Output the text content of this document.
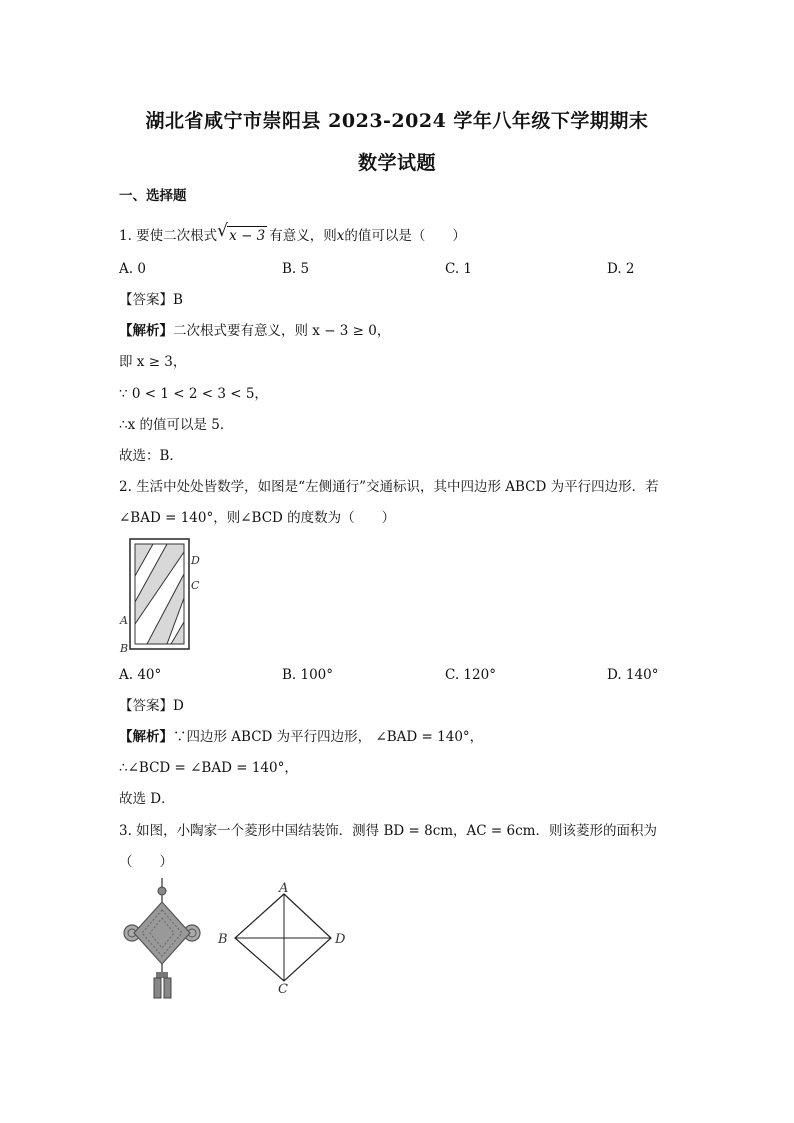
湖北省咸宁市崇阳县 2023-2024 学年八年级下学期期末
数学试题
一、选择题
1. 要使二次根式 √ x − 3 有意义，则x的值可以是（　　）
A. 0	B. 5	C. 1	D. 2
【答案】B
【解析】二次根式要有意义，则 x − 3 ≥ 0，
即 x ≥ 3，
∵ 0 < 1 < 2 < 3 < 5，
∴x 的值可以是 5．
故选：B．
2. 生活中处处皆数学，如图是“左侧通行”交通标识，其中四边形 ABCD 为平行四边形．若
∠BAD = 140°，则∠BCD 的度数为（　　）
D
C
A
B
A. 40°	B. 100°	C. 120°	D. 140°
【答案】D
【解析】∵四边形 ABCD 为平行四边形， ∠BAD = 140°，
∴∠BCD = ∠BAD = 140°，
故选 D．
3. 如图，小陶家一个菱形中国结装饰．测得 BD = 8cm，AC = 6cm．则该菱形的面积为
（　　）
A
B	D
C
